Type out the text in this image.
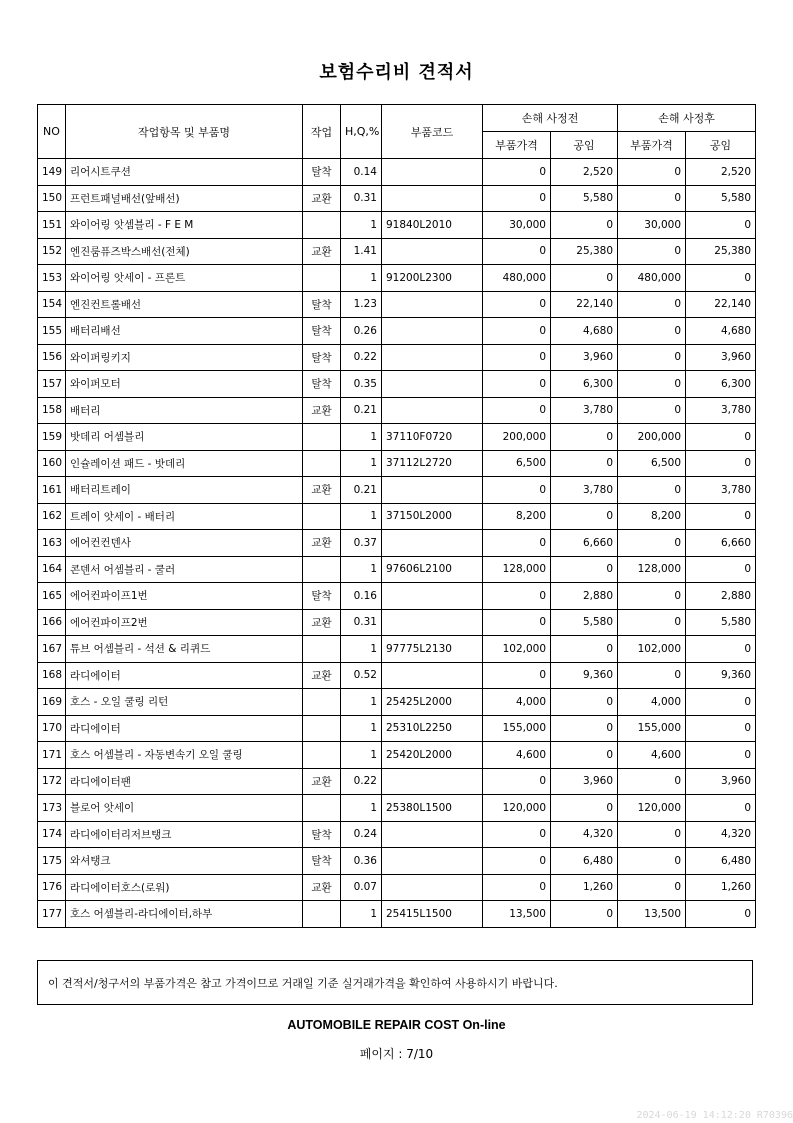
보험수리비 견적서
NO	작업항목 및 부품명	작업	H,Q,%	부품코드	손해 사정전		손해 사정후	
					부품가격	공임	부품가격	공임
149	리어시트쿠션	탈착	0.14		0	2,520	0	2,520
150	프런트패널배선(앞배선)	교환	0.31		0	5,580	0	5,580
151	와이어링 앗셈블리 - F E M		1	91840L2010	30,000	0	30,000	0
152	엔진룸퓨즈박스배선(전체)	교환	1.41		0	25,380	0	25,380
153	와이어링 앗세이 - 프론트		1	91200L2300	480,000	0	480,000	0
154	엔진컨트롤배선	탈착	1.23		0	22,140	0	22,140
155	배터리배선	탈착	0.26		0	4,680	0	4,680
156	와이퍼링키지	탈착	0.22		0	3,960	0	3,960
157	와이퍼모터	탈착	0.35		0	6,300	0	6,300
158	배터리	교환	0.21		0	3,780	0	3,780
159	밧데리 어셈블리		1	37110F0720	200,000	0	200,000	0
160	인슐레이션 패드 - 밧데리		1	37112L2720	6,500	0	6,500	0
161	배터리트레이	교환	0.21		0	3,780	0	3,780
162	트레이 앗세이 - 배터리		1	37150L2000	8,200	0	8,200	0
163	에어컨컨덴사	교환	0.37		0	6,660	0	6,660
164	콘덴서 어셈블리 - 쿨러		1	97606L2100	128,000	0	128,000	0
165	에어컨파이프1번	탈착	0.16		0	2,880	0	2,880
166	에어컨파이프2번	교환	0.31		0	5,580	0	5,580
167	튜브 어셈블리 - 석션 & 리퀴드		1	97775L2130	102,000	0	102,000	0
168	라디에이터	교환	0.52		0	9,360	0	9,360
169	호스 - 오일 쿨링 리턴		1	25425L2000	4,000	0	4,000	0
170	라디에이터		1	25310L2250	155,000	0	155,000	0
171	호스 어셈블리 - 자동변속기 오일 쿨링		1	25420L2000	4,600	0	4,600	0
172	라디에이터팬	교환	0.22		0	3,960	0	3,960
173	블로어 앗세이		1	25380L1500	120,000	0	120,000	0
174	라디에이터리저브탱크	탈착	0.24		0	4,320	0	4,320
175	와셔탱크	탈착	0.36		0	6,480	0	6,480
176	라디에이터호스(로워)	교환	0.07		0	1,260	0	1,260
177	호스 어셈블리-라디에이터,하부		1	25415L1500	13,500	0	13,500	0
이 견적서/청구서의 부품가격은 참고 가격이므로 거래일 기준 실거래가격을 확인하여 사용하시기 바랍니다.
AUTOMOBILE REPAIR COST On-line
페이지 : 7/10
2024-06-19 14:12:20 R70396
